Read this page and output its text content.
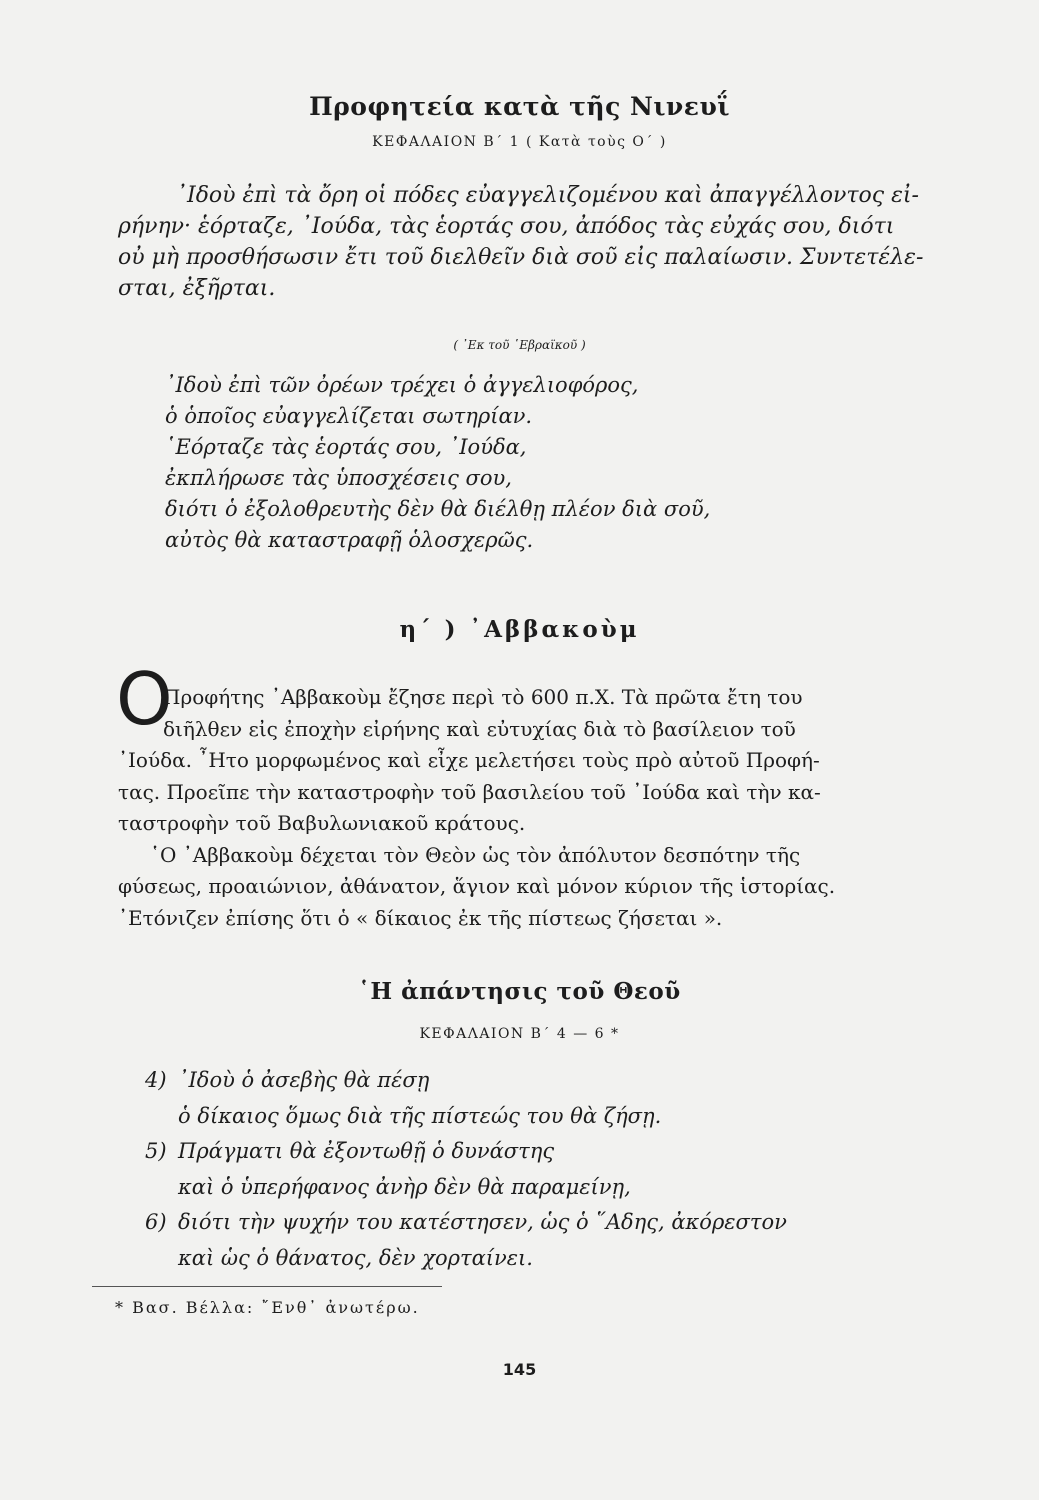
Προφητεία κατὰ τῆς Νινευΐ
ΚΕΦΑΛΑΙΟΝ Β΄ 1 ( Κατὰ τοὺς Ο΄ )
᾽Ιδοὺ ἐπὶ τὰ ὄρη οἱ πόδες εὐαγγελιζομένου καὶ ἀπαγγέλλοντος εἰ-
ρήνην· ἑόρταζε, ᾽Ιούδα, τὰς ἑορτάς σου, ἀπόδος τὰς εὐχάς σου, διότι
οὐ μὴ προσθήσωσιν ἔτι τοῦ διελθεῖν διὰ σοῦ εἰς παλαίωσιν. Συντετέλε-
σται, ἐξῆρται.
( ᾽Εκ τοῦ ῾Εβραϊκοῦ )
᾽Ιδοὺ ἐπὶ τῶν ὀρέων τρέχει ὁ ἀγγελιοφόρος,
ὁ ὁποῖος εὐαγγελίζεται σωτηρίαν.
῾Εόρταζε τὰς ἑορτάς σου, ᾽Ιούδα,
ἐκπλήρωσε τὰς ὑποσχέσεις σου,
διότι ὁ ἐξολοθρευτὴς δὲν θὰ διέλθῃ πλέον διὰ σοῦ,
αὐτὸς θὰ καταστραφῇ ὁλοσχερῶς.
η΄ ) ᾽Αββακοὺμ
Ο
Προφήτης ᾽Αββακοὺμ ἔζησε περὶ τὸ 600 π.Χ. Τὰ πρῶτα ἔτη του
διῆλθεν εἰς ἐποχὴν εἰρήνης καὶ εὐτυχίας διὰ τὸ βασίλειον τοῦ
᾽Ιούδα. ῏Ητο μορφωμένος καὶ εἶχε μελετήσει τοὺς πρὸ αὐτοῦ Προφή-
τας. Προεῖπε τὴν καταστροφὴν τοῦ βασιλείου τοῦ ᾽Ιούδα καὶ τὴν κα-
ταστροφὴν τοῦ Βαβυλωνιακοῦ κράτους.
῾Ο ᾽Αββακοὺμ δέχεται τὸν Θεὸν ὡς τὸν ἀπόλυτον δεσπότην τῆς
φύσεως, προαιώνιον, ἀθάνατον, ἅγιον καὶ μόνον κύριον τῆς ἱστορίας.
᾽Ετόνιζεν ἐπίσης ὅτι ὁ « δίκαιος ἐκ τῆς πίστεως ζήσεται ».
῾Η ἀπάντησις τοῦ Θεοῦ
ΚΕΦΑΛΑΙΟΝ Β΄ 4 — 6 *
4) ᾽Ιδοὺ ὁ ἀσεβὴς θὰ πέσῃ
ὁ δίκαιος ὅμως διὰ τῆς πίστεώς του θὰ ζήσῃ.
5) Πράγματι θὰ ἐξοντωθῇ ὁ δυνάστης
καὶ ὁ ὑπερήφανος ἀνὴρ δὲν θὰ παραμείνῃ,
6) διότι τὴν ψυχήν του κατέστησεν, ὡς ὁ ῞Αδης, ἀκόρεστον
καὶ ὡς ὁ θάνατος, δὲν χορταίνει.
* Βασ. Βέλλα: ῎Ενθ᾽ ἀνωτέρω.
145
